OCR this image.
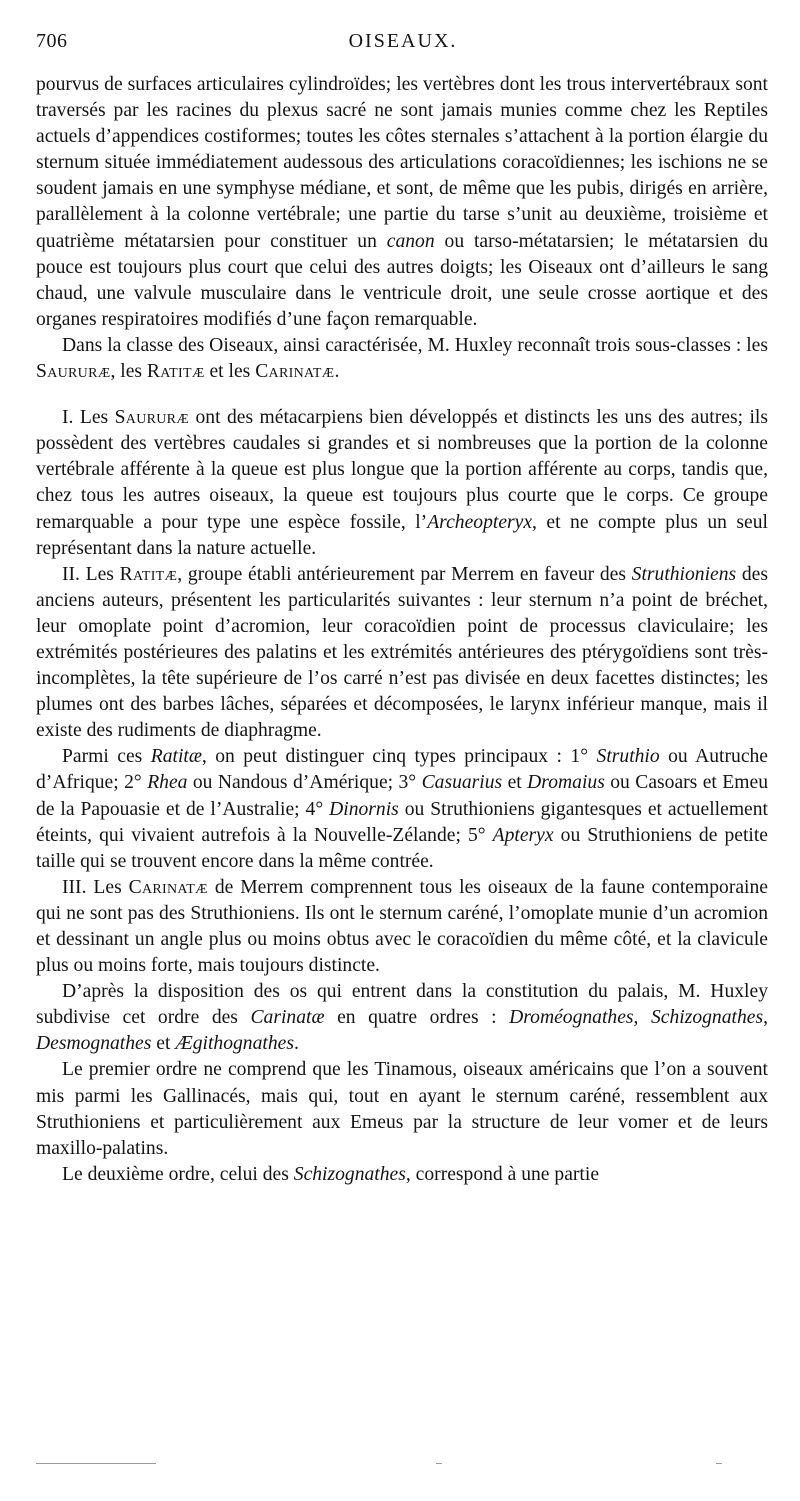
706	OISEAUX.

pourvus de surfaces articulaires cylindroïdes; les vertèbres dont les trous intervertébraux sont traversés par les racines du plexus sacré ne sont jamais munies comme chez les Reptiles actuels d’appendices costiformes; toutes les côtes sternales s’attachent à la portion élargie du sternum située immédiatement audessous des articulations coracoïdiennes; les ischions ne se soudent jamais en une symphyse médiane, et sont, de même que les pubis, dirigés en arrière, parallèlement à la colonne vertébrale; une partie du tarse s’unit au deuxième, troisième et quatrième métatarsien pour constituer un canon ou tarso-métatarsien; le métatarsien du pouce est toujours plus court que celui des autres doigts; les Oiseaux ont d’ailleurs le sang chaud, une valvule musculaire dans le ventricule droit, une seule crosse aortique et des organes respiratoires modifiés d’une façon remarquable.

Dans la classe des Oiseaux, ainsi caractérisée, M. Huxley reconnaît trois sous-classes : les Saururæ, les Ratitæ et les Carinatæ.

I. Les Saururæ ont des métacarpiens bien développés et distincts les uns des autres; ils possèdent des vertèbres caudales si grandes et si nombreuses que la portion de la colonne vertébrale afférente à la queue est plus longue que la portion afférente au corps, tandis que, chez tous les autres oiseaux, la queue est toujours plus courte que le corps. Ce groupe remarquable a pour type une espèce fossile, l’Archeopteryx, et ne compte plus un seul représentant dans la nature actuelle.

II. Les Ratitæ, groupe établi antérieurement par Merrem en faveur des Struthioniens des anciens auteurs, présentent les particularités suivantes : leur sternum n’a point de bréchet, leur omoplate point d’acromion, leur coracoïdien point de processus claviculaire; les extrémités postérieures des palatins et les extrémités antérieures des ptérygoïdiens sont très-incomplètes, la tête supérieure de l’os carré n’est pas divisée en deux facettes distinctes; les plumes ont des barbes lâches, séparées et décomposées, le larynx inférieur manque, mais il existe des rudiments de diaphragme.

Parmi ces Ratitæ, on peut distinguer cinq types principaux : 1° Struthio ou Autruche d’Afrique; 2° Rhea ou Nandous d’Amérique; 3° Casuarius et Dromaius ou Casoars et Emeu de la Papouasie et de l’Australie; 4° Dinornis ou Struthioniens gigantesques et actuellement éteints, qui vivaient autrefois à la Nouvelle-Zélande; 5° Apteryx ou Struthioniens de petite taille qui se trouvent encore dans la même contrée.

III. Les Carinatæ de Merrem comprennent tous les oiseaux de la faune contemporaine qui ne sont pas des Struthioniens. Ils ont le sternum caréné, l’omoplate munie d’un acromion et dessinant un angle plus ou moins obtus avec le coracoïdien du même côté, et la clavicule plus ou moins forte, mais toujours distincte.

D’après la disposition des os qui entrent dans la constitution du palais, M. Huxley subdivise cet ordre des Carinatæ en quatre ordres : Droméognathes, Schizognathes, Desmognathes et Ægithognathes.

Le premier ordre ne comprend que les Tinamous, oiseaux américains que l’on a souvent mis parmi les Gallinacés, mais qui, tout en ayant le sternum caréné, ressemblent aux Struthioniens et particulièrement aux Emeus par la structure de leur vomer et de leurs maxillo-palatins.

Le deuxième ordre, celui des Schizognathes, correspond à une partie
